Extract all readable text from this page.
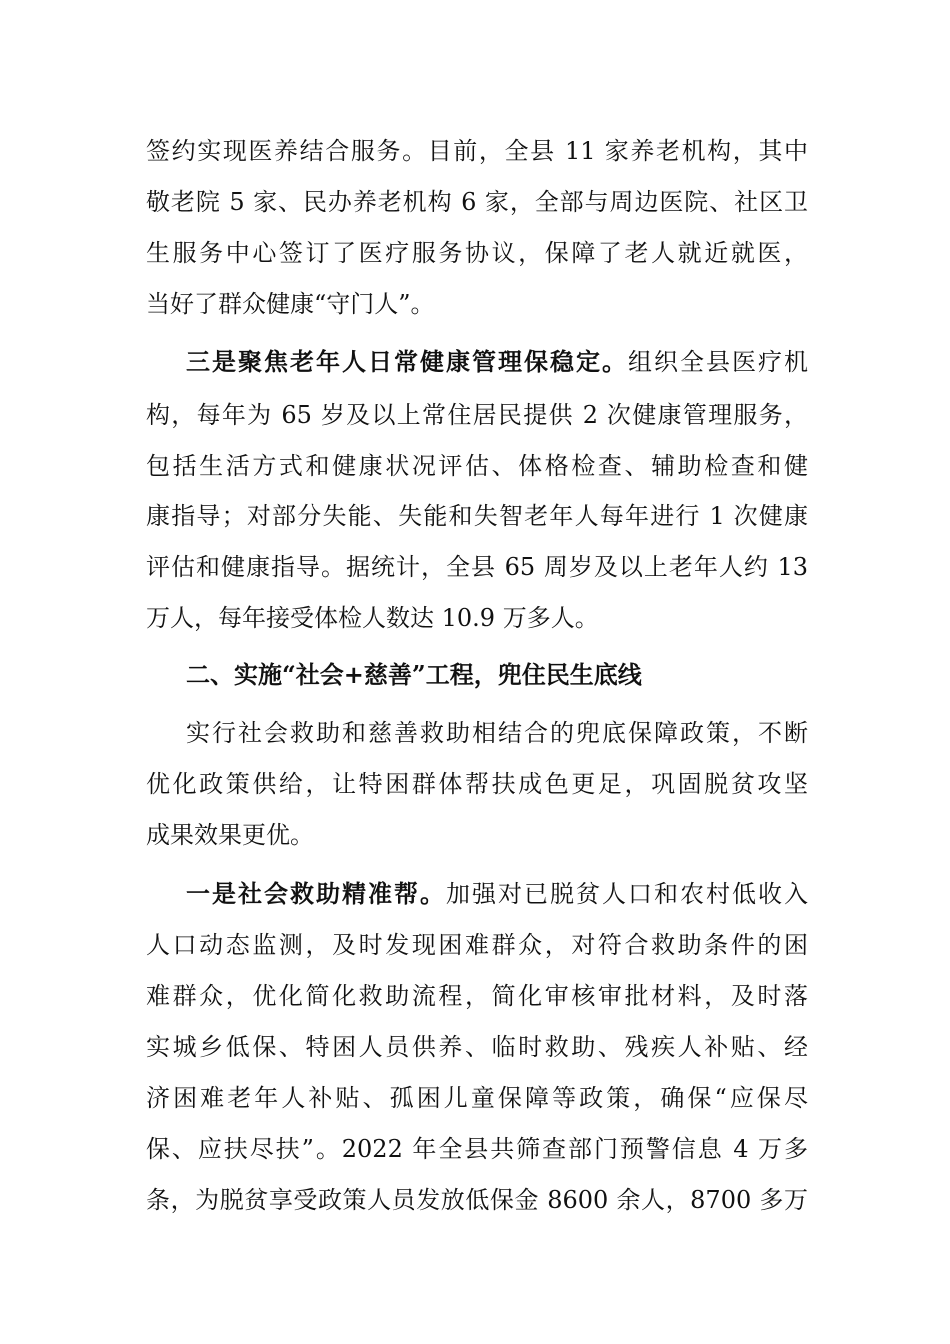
签约实现医养结合服务。目前，全县 11 家养老机构，其中
敬老院 5 家、民办养老机构 6 家，全部与周边医院、社区卫
生服务中心签订了医疗服务协议，保障了老人就近就医，
当好了群众健康“守门人”。
三是聚焦老年人日常健康管理保稳定。组织全县医疗机
构，每年为 65 岁及以上常住居民提供 2 次健康管理服务，
包括生活方式和健康状况评估、体格检查、辅助检查和健
康指导；对部分失能、失能和失智老年人每年进行 1 次健康
评估和健康指导。据统计，全县 65 周岁及以上老年人约 13
万人，每年接受体检人数达 10.9 万多人。
二、实施“社会+慈善”工程，兜住民生底线
实行社会救助和慈善救助相结合的兜底保障政策，不断
优化政策供给，让特困群体帮扶成色更足，巩固脱贫攻坚
成果效果更优。
一是社会救助精准帮。加强对已脱贫人口和农村低收入
人口动态监测，及时发现困难群众，对符合救助条件的困
难群众，优化简化救助流程，简化审核审批材料，及时落
实城乡低保、特困人员供养、临时救助、残疾人补贴、经
济困难老年人补贴、孤困儿童保障等政策，确保“应保尽
保、应扶尽扶”。2022 年全县共筛查部门预警信息 4 万多
条，为脱贫享受政策人员发放低保金 8600 余人，8700 多万
